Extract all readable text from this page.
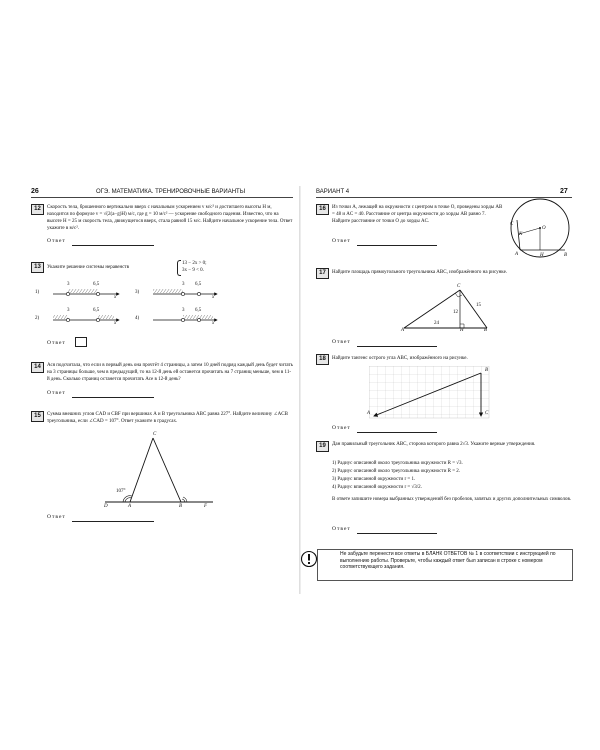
26	ОГЭ. МАТЕМАТИКА. ТРЕНИРОВОЧНЫЕ ВАРИАНТЫ	ВАРИАНТ 4	27
12	Скорость тела, брошенного вертикально вверх с начальным ускорением v м/с² и достигшего высоты H м, находится по формуле v = √(2(a−g)H) м/с, где g = 10 м/с² — ускорение свободного падения. Известно, что на высоте H = 25 м скорость тела, движущегося вверх, стала равной 15 м/с. Найдите начальное ускорение тела. Ответ укажите в м/с².
Ответ
13	Укажите решение системы неравенств
13 − 2x > 0;
3x − 9 < 0.
1)	3)
2)	4)
3	6,5
x
3 6,5
x
3	6,5
x
3 6,5
x
Ответ
14	Ася подсчитала, что если в первый день она прочтёт 4 страницы, а затем 10 дней подряд каждый день будет читать на 3 страницы больше, чем в предыдущий, то на 12-й день ей останется прочитать на 7 страниц меньше, чем в 11-й день. Сколько страниц останется прочитать Асе в 12-й день?
Ответ
15	Сумма внешних углов CAD и CBF при вершинах A и B треугольника ABC равна 227°. Найдите величину ∠ACB треугольника, если ∠CAD = 107°. Ответ укажите в градусах.
C
D	A	B	F
107°
Ответ
16	Из точки A, лежащей на окружности с центром в точке O, проведены хорды AB = 48 и AC = 40. Расстояние от центра окружности до хорды AB равно 7. Найдите расстояние от точки O до хорды AC.
C
A
O
K
H	B
Ответ
17	Найдите площадь прямоугольного треугольника ABC, изображённого на рисунке.
C
A	H	B
15
12
24
Ответ
18	Найдите тангенс острого угла ABC, изображённого на рисунке.
B
A	C
Ответ
19	Дан правильный треугольник ABC, сторона которого равна 2√3. Укажите верные утверждения.
1) Радиус описанной около треугольника окружности R = √3.
2) Радиус описанной около треугольника окружности R = 2.
3) Радиус вписанной окружности r = 1.
4) Радиус вписанной окружности r = √3/2.
В ответе запишите номера выбранных утверждений без пробелов, запятых и других дополнительных символов.
Ответ
Не забудьте перенести все ответы в БЛАНК ОТВЕТОВ № 1 в соответствии с инструкцией по выполнению работы. Проверьте, чтобы каждый ответ был записан в строке с номером соответствующего задания.
